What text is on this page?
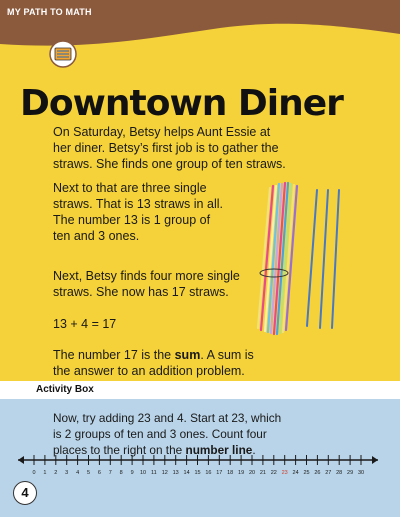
MY PATH TO MATH
Downtown Diner

On Saturday, Betsy helps Aunt Essie at
her diner. Betsy’s first job is to gather the
straws. She finds one group of ten straws.

Next to that are three single
straws. That is 13 straws in all.
The number 13 is 1 group of
ten and 3 ones.

Next, Betsy finds four more single
straws. She now has 17 straws.

13 + 4 = 17

The number 17 is the sum. A sum is
the answer to an addition problem.

Activity Box

Now, try adding 23 and 4. Start at 23, which
is 2 groups of ten and 3 ones. Count four
places to the right on the number line.

0 1 2 3 4 5 6 7 8 9 10 11 12 13 14 15 16 17 18 19 20 21 22 23 24 25 26 27 28 29 30
4
